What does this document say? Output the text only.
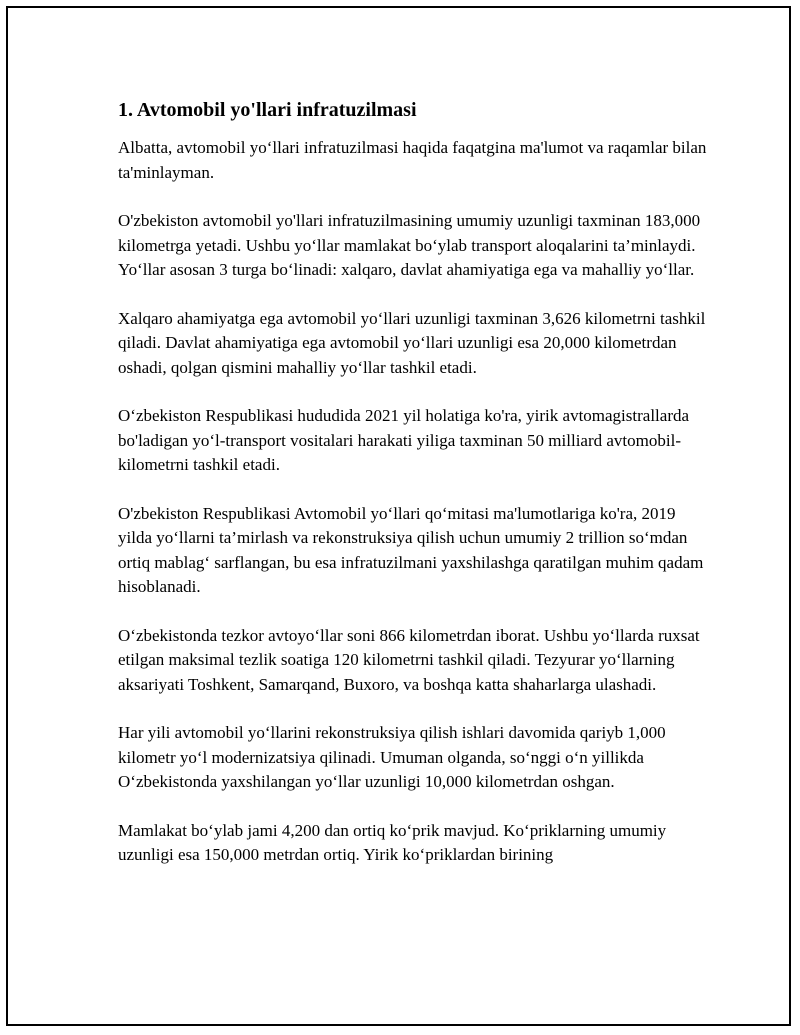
1. Avtomobil yo'llari infratuzilmasi

Albatta, avtomobil yo‘llari infratuzilmasi haqida faqatgina ma'lumot va raqamlar bilan ta'minlayman.

O'zbekiston avtomobil yo'llari infratuzilmasining umumiy uzunligi taxminan 183,000 kilometrga yetadi. Ushbu yo‘llar mamlakat bo‘ylab transport aloqalarini ta’minlaydi. Yo‘llar asosan 3 turga bo‘linadi: xalqaro, davlat ahamiyatiga ega va mahalliy yo‘llar.

Xalqaro ahamiyatga ega avtomobil yo‘llari uzunligi taxminan 3,626 kilometrni tashkil qiladi. Davlat ahamiyatiga ega avtomobil yo‘llari uzunligi esa 20,000 kilometrdan oshadi, qolgan qismini mahalliy yo‘llar tashkil etadi.

O‘zbekiston Respublikasi hududida 2021 yil holatiga ko'ra, yirik avtomagistrallarda bo'ladigan yo‘l-transport vositalari harakati yiliga taxminan 50 milliard avtomobil-kilometrni tashkil etadi.

O'zbekiston Respublikasi Avtomobil yo‘llari qo‘mitasi ma'lumotlariga ko'ra, 2019 yilda yo‘llarni ta’mirlash va rekonstruksiya qilish uchun umumiy 2 trillion so‘mdan ortiq mablag‘ sarflangan, bu esa infratuzilmani yaxshilashga qaratilgan muhim qadam hisoblanadi.

O‘zbekistonda tezkor avtoyo‘llar soni 866 kilometrdan iborat. Ushbu yo‘llarda ruxsat etilgan maksimal tezlik soatiga 120 kilometrni tashkil qiladi. Tezyurar yo‘llarning aksariyati Toshkent, Samarqand, Buxoro, va boshqa katta shaharlarga ulashadi.

Har yili avtomobil yo‘llarini rekonstruksiya qilish ishlari davomida qariyb 1,000 kilometr yo‘l modernizatsiya qilinadi. Umuman olganda, so‘nggi o‘n yillikda O‘zbekistonda yaxshilangan yo‘llar uzunligi 10,000 kilometrdan oshgan.

Mamlakat bo‘ylab jami 4,200 dan ortiq ko‘prik mavjud. Ko‘priklarning umumiy uzunligi esa 150,000 metrdan ortiq. Yirik ko‘priklardan birining
